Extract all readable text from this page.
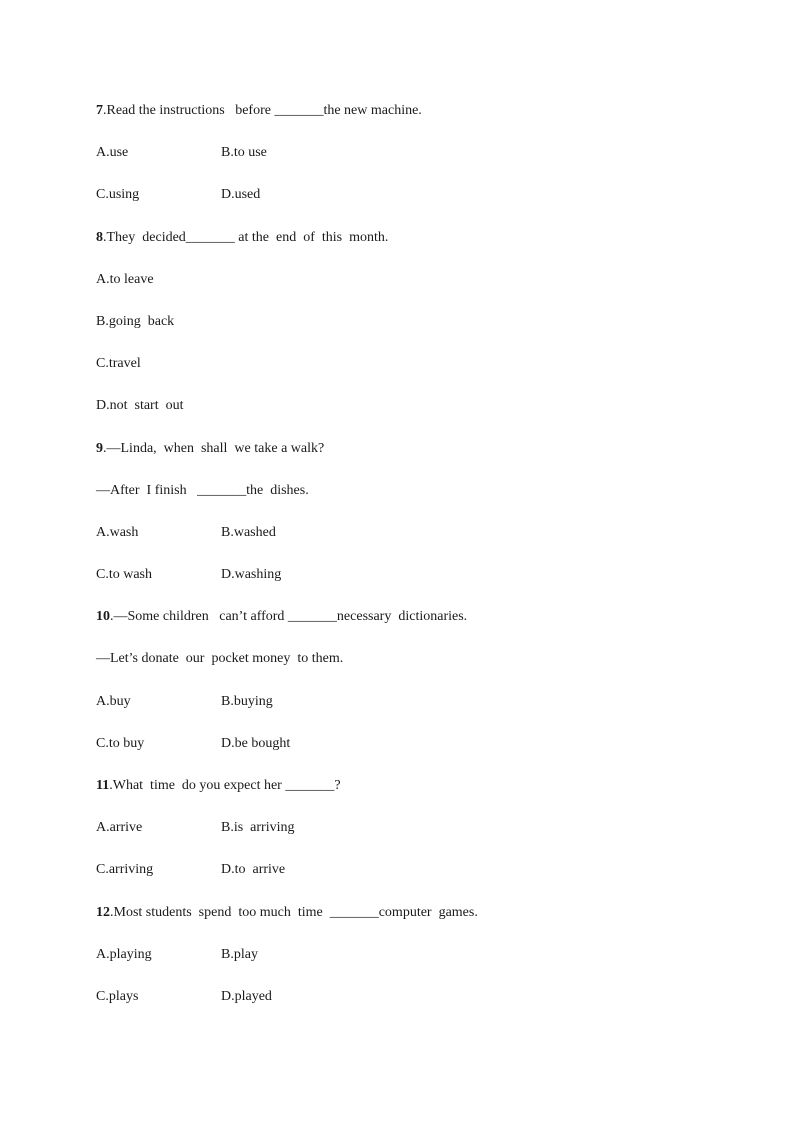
7.Read the instructions   before _______the new machine.
A.use	B.to use
C.using	D.used
8.They  decided_______ at the  end  of  this  month.
A.to leave
B.going  back
C.travel
D.not  start  out
9.—Linda,  when  shall  we take a walk?
—After  I finish   _______the  dishes.
A.wash	B.washed
C.to wash	D.washing
10.—Some children   can’t afford _______necessary  dictionaries.
—Let’s donate  our  pocket money  to them.
A.buy	B.buying
C.to buy	D.be bought
11.What  time  do you expect her _______?
A.arrive	B.is  arriving
C.arriving	D.to  arrive
12.Most students  spend  too much  time  _______computer  games.
A.playing	B.play
C.plays	D.played
